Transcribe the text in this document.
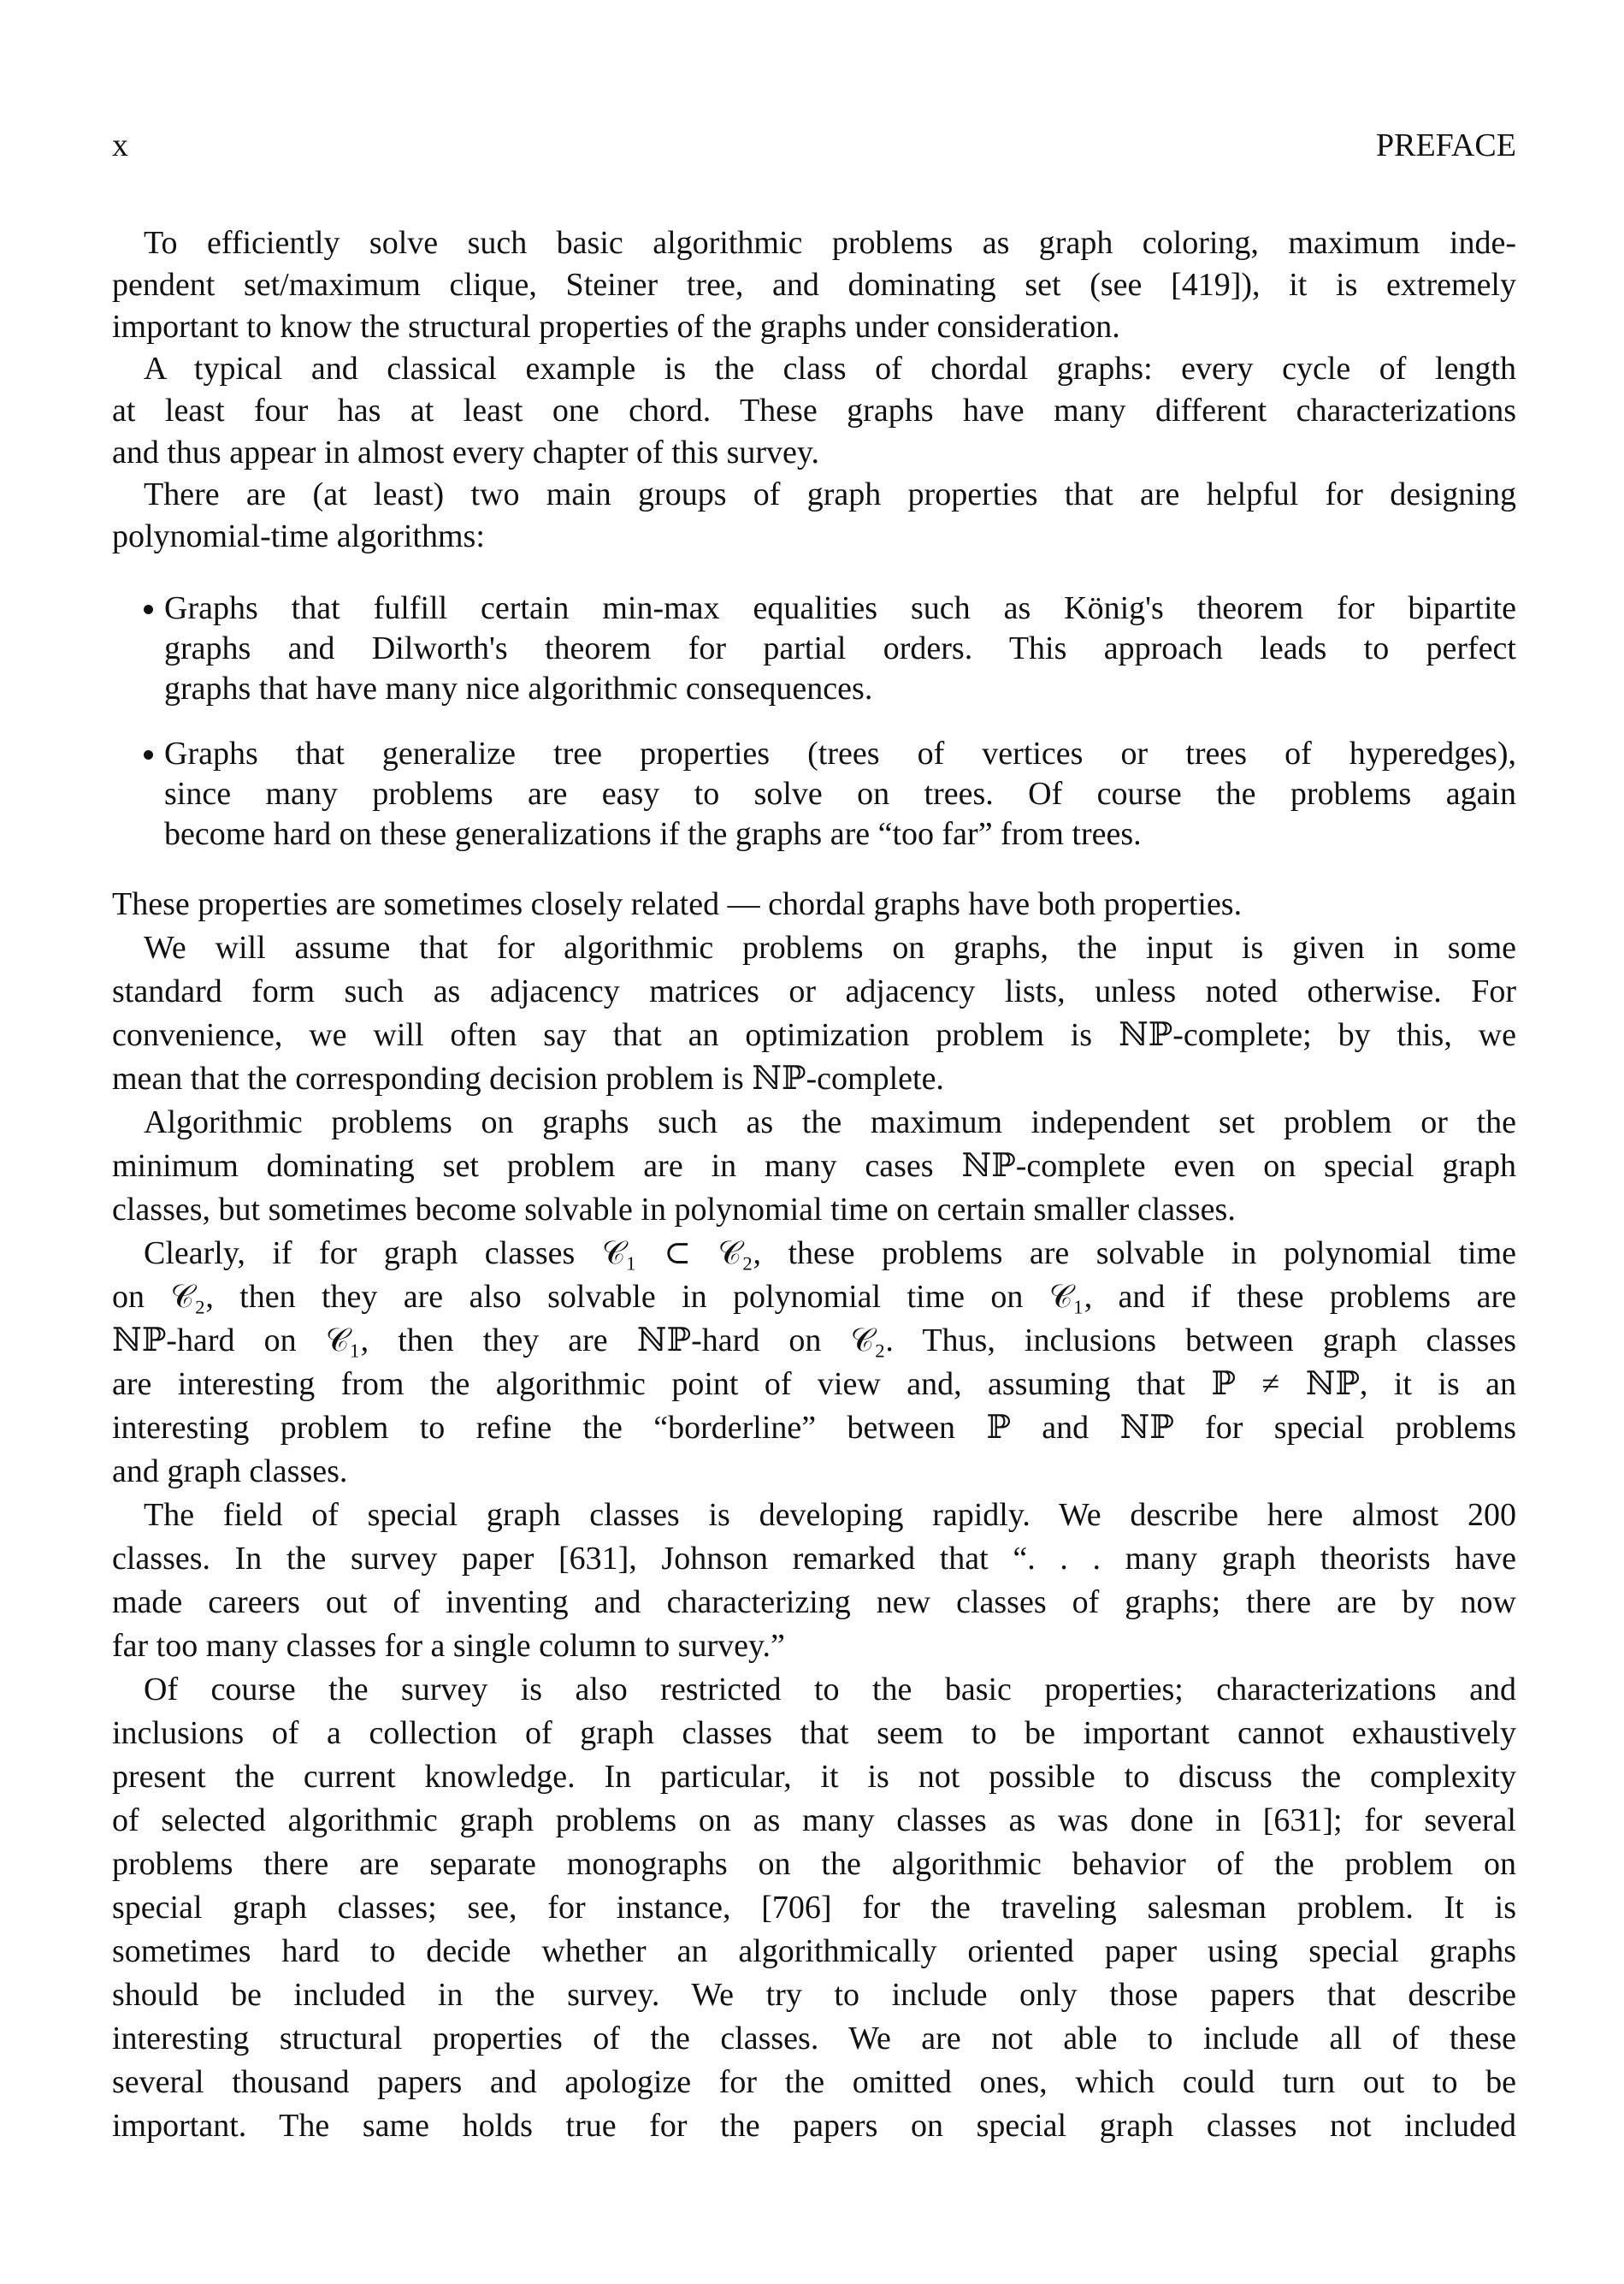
x	PREFACE
To efficiently solve such basic algorithmic problems as graph coloring, maximum inde-
pendent set/maximum clique, Steiner tree, and dominating set (see [419]), it is extremely
important to know the structural properties of the graphs under consideration.
A typical and classical example is the class of chordal graphs: every cycle of length
at least four has at least one chord. These graphs have many different characterizations
and thus appear in almost every chapter of this survey.
There are (at least) two main groups of graph properties that are helpful for designing
polynomial-time algorithms:
Graphs that fulfill certain min-max equalities such as König's theorem for bipartite
graphs and Dilworth's theorem for partial orders. This approach leads to perfect
graphs that have many nice algorithmic consequences.
Graphs that generalize tree properties (trees of vertices or trees of hyperedges),
since many problems are easy to solve on trees. Of course the problems again
become hard on these generalizations if the graphs are “too far” from trees.
These properties are sometimes closely related — chordal graphs have both properties.
We will assume that for algorithmic problems on graphs, the input is given in some
standard form such as adjacency matrices or adjacency lists, unless noted otherwise. For
convenience, we will often say that an optimization problem is ℕℙ-complete; by this, we
mean that the corresponding decision problem is ℕℙ-complete.
Algorithmic problems on graphs such as the maximum independent set problem or the
minimum dominating set problem are in many cases ℕℙ-complete even on special graph
classes, but sometimes become solvable in polynomial time on certain smaller classes.
Clearly, if for graph classes 𝒞₁ ⊂ 𝒞₂, these problems are solvable in polynomial time
on 𝒞₂, then they are also solvable in polynomial time on 𝒞₁, and if these problems are
ℕℙ-hard on 𝒞₁, then they are ℕℙ-hard on 𝒞₂. Thus, inclusions between graph classes
are interesting from the algorithmic point of view and, assuming that ℙ ≠ ℕℙ, it is an
interesting problem to refine the “borderline” between ℙ and ℕℙ for special problems
and graph classes.
The field of special graph classes is developing rapidly. We describe here almost 200
classes. In the survey paper [631], Johnson remarked that “. . . many graph theorists have
made careers out of inventing and characterizing new classes of graphs; there are by now
far too many classes for a single column to survey.”
Of course the survey is also restricted to the basic properties; characterizations and
inclusions of a collection of graph classes that seem to be important cannot exhaustively
present the current knowledge. In particular, it is not possible to discuss the complexity
of selected algorithmic graph problems on as many classes as was done in [631]; for several
problems there are separate monographs on the algorithmic behavior of the problem on
special graph classes; see, for instance, [706] for the traveling salesman problem. It is
sometimes hard to decide whether an algorithmically oriented paper using special graphs
should be included in the survey. We try to include only those papers that describe
interesting structural properties of the classes. We are not able to include all of these
several thousand papers and apologize for the omitted ones, which could turn out to be
important. The same holds true for the papers on special graph classes not included
